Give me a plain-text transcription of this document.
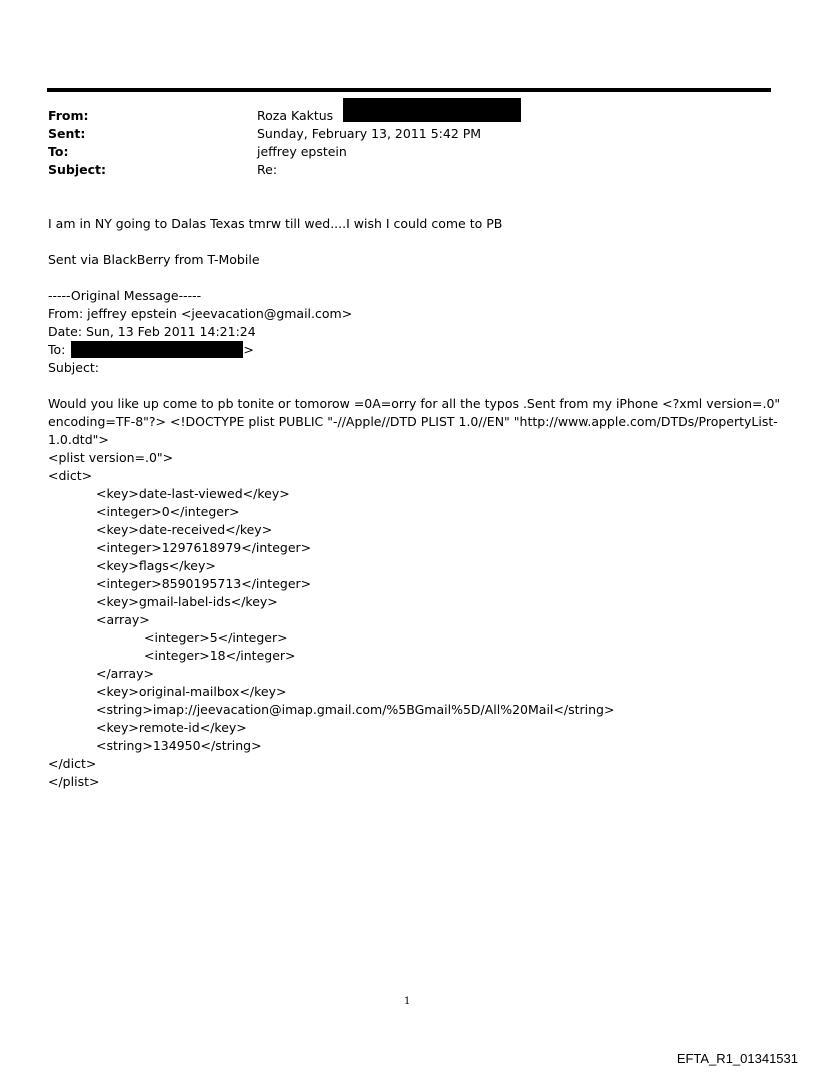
From:	Roza Kaktus
Sent:	Sunday, February 13, 2011 5:42 PM
To:	jeffrey epstein
Subject:	Re:
I am in NY going to Dalas Texas tmrw till wed....I wish I could come to PB
Sent via BlackBerry from T-Mobile
-----Original Message-----
From: jeffrey epstein <jeevacation@gmail.com>
Date: Sun, 13 Feb 2011 14:21:24
To:	>
Subject:
Would you like up come to pb tonite or tomorow =0A=orry for all the typos .Sent from my iPhone <?xml version=.0"
encoding=TF-8"?> <!DOCTYPE plist PUBLIC "-//Apple//DTD PLIST 1.0//EN" "http://www.apple.com/DTDs/PropertyList-
1.0.dtd">
<plist version=.0">
<dict>
<key>date-last-viewed</key>
<integer>0</integer>
<key>date-received</key>
<integer>1297618979</integer>
<key>flags</key>
<integer>8590195713</integer>
<key>gmail-label-ids</key>
<array>
<integer>5</integer>
<integer>18</integer>
</array>
<key>original-mailbox</key>
<string>imap://jeevacation@imap.gmail.com/%5BGmail%5D/All%20Mail</string>
<key>remote-id</key>
<string>134950</string>
</dict>
</plist>
1
EFTA_R1_01341531
